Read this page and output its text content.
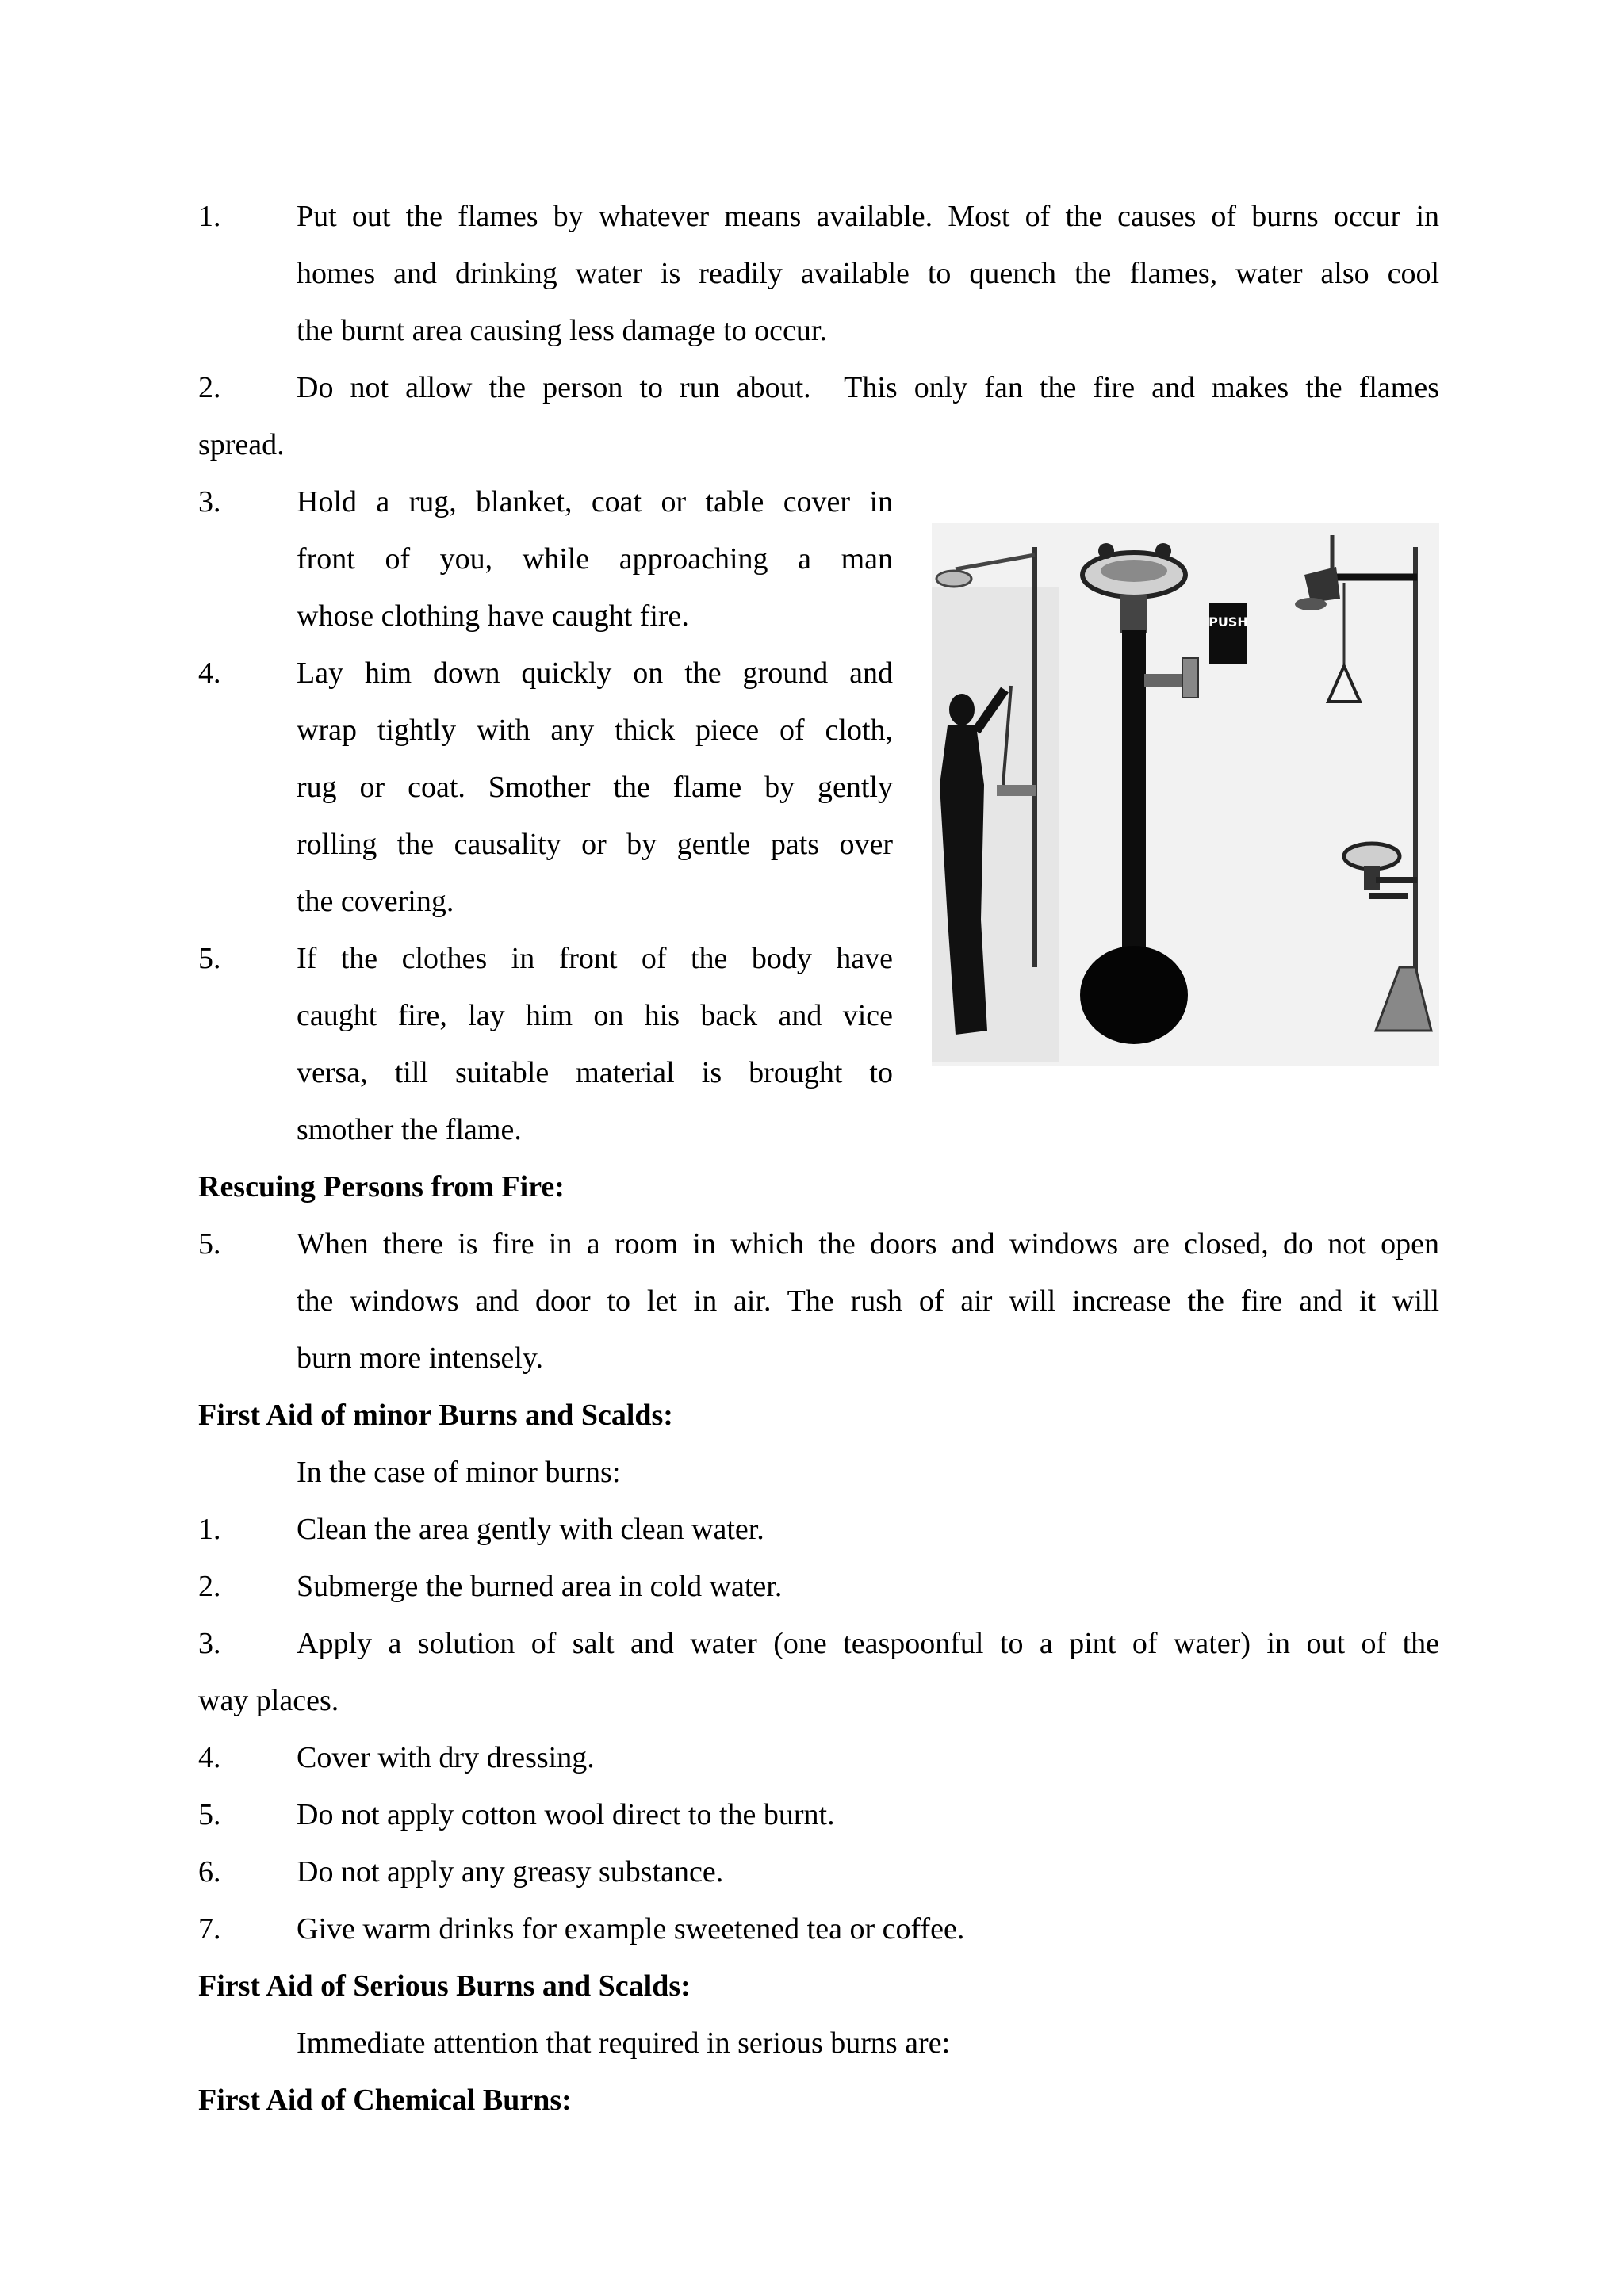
1.	Put out the flames by whatever means available. Most of the causes of burns occur in
homes and drinking water is readily available to quench the flames, water also cool
the burnt area causing less damage to occur.
2.	Do not allow the person to run about.  This only fan the fire and makes the flames
spread.
3.	Hold a rug, blanket, coat or table cover in
front of you, while approaching a man
whose clothing have caught fire.
4.	Lay him down quickly on the ground and
wrap tightly with any thick piece of cloth,
rug or coat. Smother the flame by gently
rolling the causality or by gentle pats over
the covering.
5.	If the clothes in front of the body have
caught fire, lay him on his back and vice
versa, till suitable material is brought to
smother the flame.
PUSH
Rescuing Persons from Fire:
5.	When there is fire in a room in which the doors and windows are closed, do not open
the windows and door to let in air. The rush of air will increase the fire and it will
burn more intensely.
First Aid of minor Burns and Scalds:
In the case of minor burns:
1.	Clean the area gently with clean water.
2.	Submerge the burned area in cold water.
3.	Apply a solution of salt and water (one teaspoonful to a pint of water) in out of the
way places.
4.	Cover with dry dressing.
5.	Do not apply cotton wool direct to the burnt.
6.	Do not apply any greasy substance.
7.	Give warm drinks for example sweetened tea or coffee.
First Aid of Serious Burns and Scalds:
Immediate attention that required in serious burns are:
First Aid of Chemical Burns:
